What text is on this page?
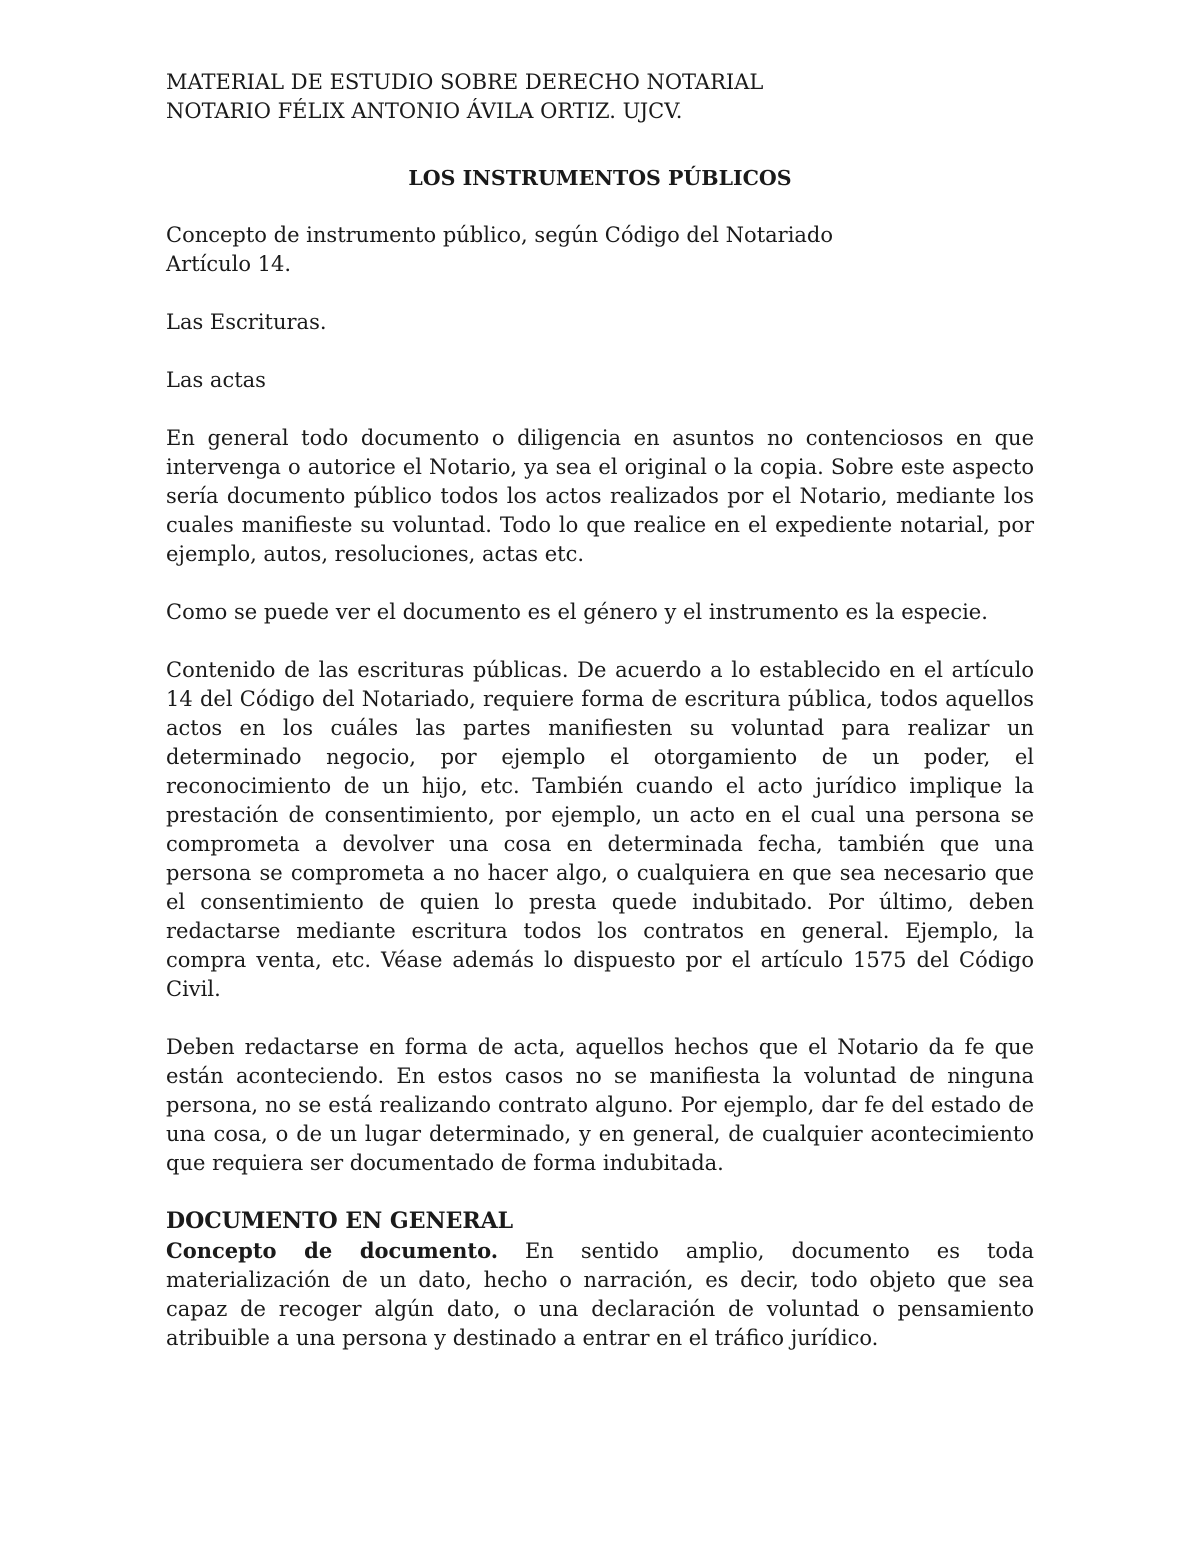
MATERIAL DE ESTUDIO SOBRE DERECHO NOTARIAL

NOTARIO FÉLIX ANTONIO ÁVILA ORTIZ. UJCV.

LOS INSTRUMENTOS PÚBLICOS

Concepto de instrumento público, según Código del Notariado

Artículo 14.

Las Escrituras.

Las actas

En general todo documento o diligencia en asuntos no contenciosos en que intervenga o autorice el Notario, ya sea el original o la copia. Sobre este aspecto sería documento público todos los actos realizados por el Notario, mediante los cuales manifieste su voluntad. Todo lo que realice en el expediente notarial, por ejemplo, autos, resoluciones, actas etc.

Como se puede ver el documento es el género y el instrumento es la especie.

Contenido de las escrituras públicas. De acuerdo a lo establecido en el artículo 14 del Código del Notariado, requiere forma de escritura pública, todos aquellos actos en los cuáles las partes manifiesten su voluntad para realizar un determinado negocio, por ejemplo el otorgamiento de un poder, el reconocimiento de un hijo, etc. También cuando el acto jurídico implique la prestación de consentimiento, por ejemplo, un acto en el cual una persona se comprometa a devolver una cosa en determinada fecha, también que una persona se comprometa a no hacer algo, o cualquiera en que sea necesario que el consentimiento de quien lo presta quede indubitado. Por último, deben redactarse mediante escritura todos los contratos en general. Ejemplo, la compra venta, etc. Véase además lo dispuesto por el artículo 1575 del Código Civil.

Deben redactarse en forma de acta, aquellos hechos que el Notario da fe que están aconteciendo. En estos casos no se manifiesta la voluntad de ninguna persona, no se está realizando contrato alguno. Por ejemplo, dar fe del estado de una cosa, o de un lugar determinado, y en general, de cualquier acontecimiento que requiera ser documentado de forma indubitada.

DOCUMENTO EN GENERAL

Concepto de documento. En sentido amplio, documento es toda materialización de un dato, hecho o narración, es decir, todo objeto que sea capaz de recoger algún dato, o una declaración de voluntad o pensamiento atribuible a una persona y destinado a entrar en el tráfico jurídico.
